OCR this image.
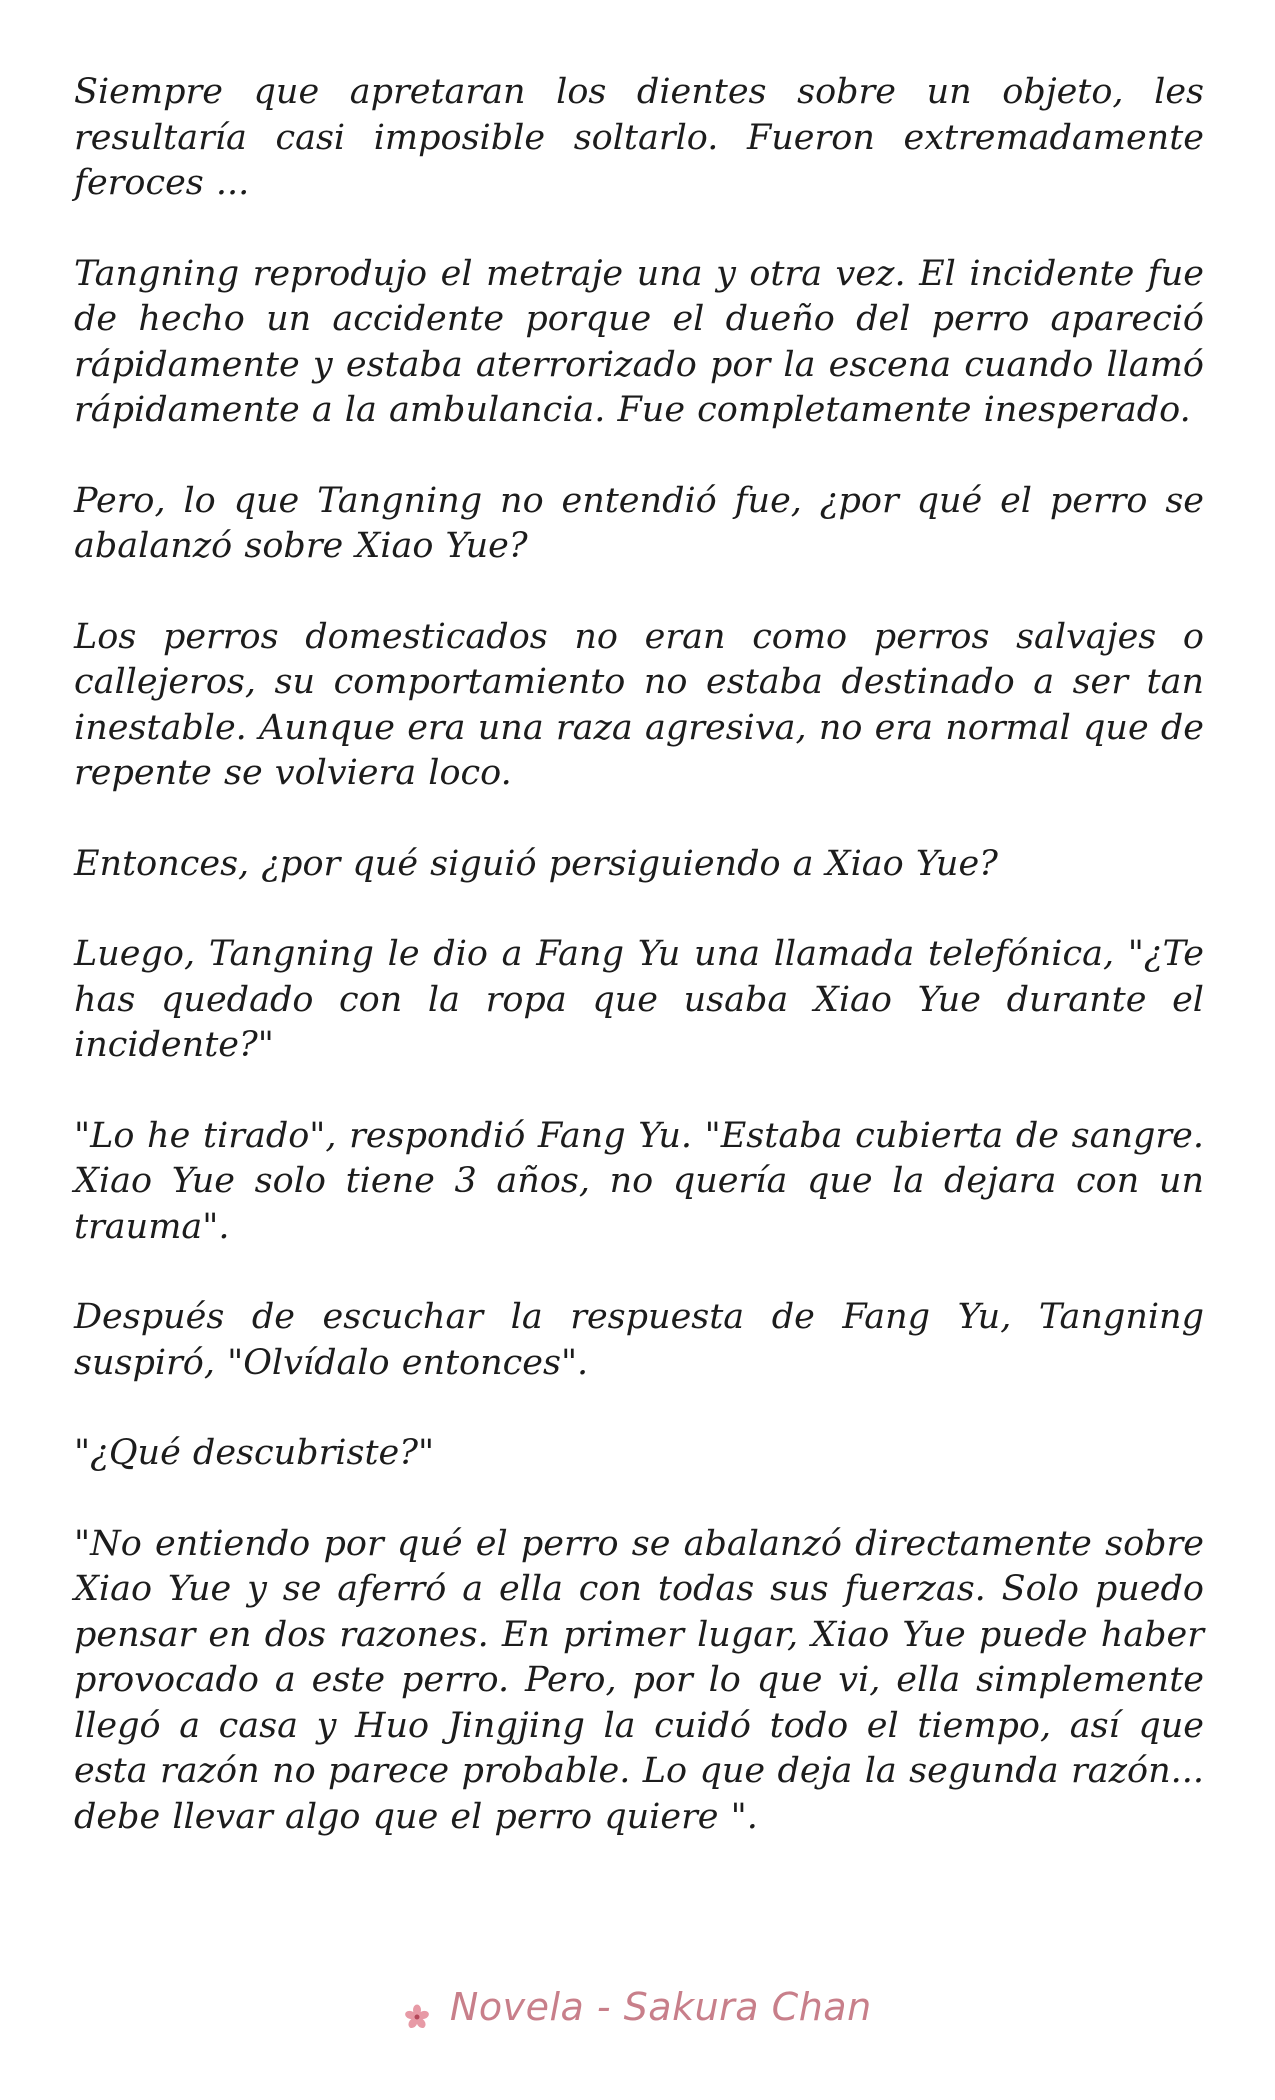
Siempre que apretaran los dientes sobre un objeto, les resultaría casi imposible soltarlo. Fueron extremadamente feroces ...

Tangning reprodujo el metraje una y otra vez. El incidente fue de hecho un accidente porque el dueño del perro apareció rápidamente y estaba aterrorizado por la escena cuando llamó rápidamente a la ambulancia. Fue completamente inesperado.

Pero, lo que Tangning no entendió fue, ¿por qué el perro se abalanzó sobre Xiao Yue?

Los perros domesticados no eran como perros salvajes o callejeros, su comportamiento no estaba destinado a ser tan inestable. Aunque era una raza agresiva, no era normal que de repente se volviera loco.

Entonces, ¿por qué siguió persiguiendo a Xiao Yue?

Luego, Tangning le dio a Fang Yu una llamada telefónica, "¿Te has quedado con la ropa que usaba Xiao Yue durante el incidente?"

"Lo he tirado", respondió Fang Yu. "Estaba cubierta de sangre. Xiao Yue solo tiene 3 años, no quería que la dejara con un trauma".

Después de escuchar la respuesta de Fang Yu, Tangning suspiró, "Olvídalo entonces".

"¿Qué descubriste?"

"No entiendo por qué el perro se abalanzó directamente sobre Xiao Yue y se aferró a ella con todas sus fuerzas. Solo puedo pensar en dos razones. En primer lugar, Xiao Yue puede haber provocado a este perro. Pero, por lo que vi, ella simplemente llegó a casa y Huo Jingjing la cuidó todo el tiempo, así que esta razón no parece probable. Lo que deja la segunda razón... debe llevar algo que el perro quiere ".

Novela - Sakura Chan
